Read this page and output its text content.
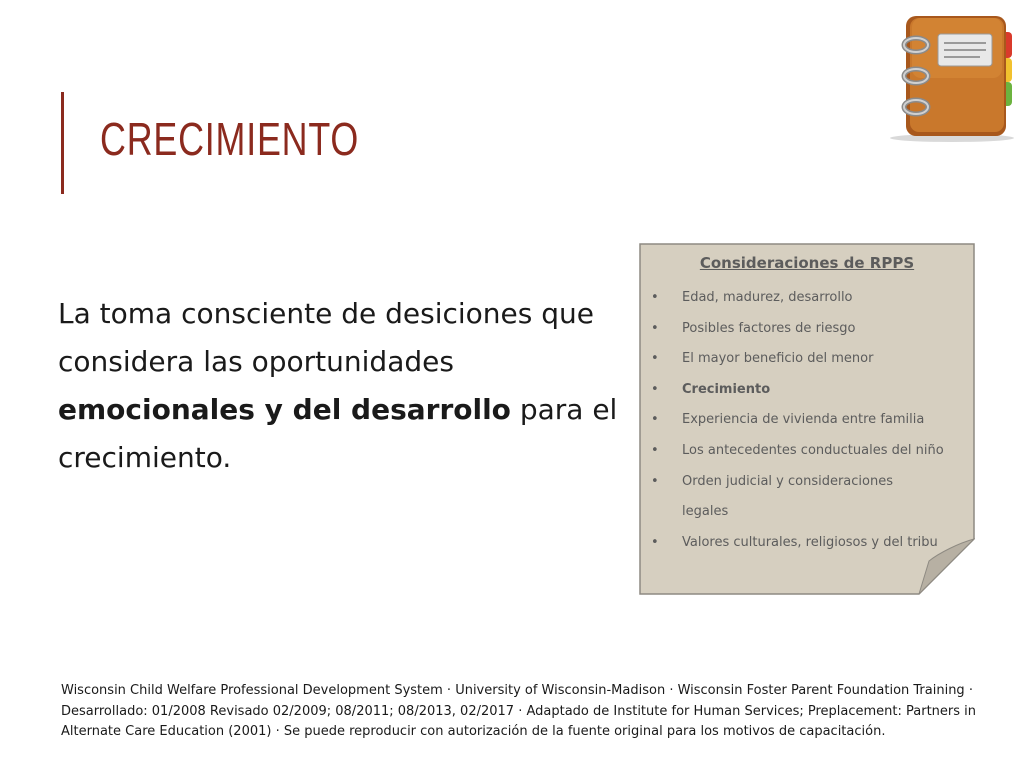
CRECIMIENTO
La toma consciente de desiciones que considera las oportunidades emocionales y del desarrollo para el crecimiento.
Consideraciones de RPPS
• Edad, madurez, desarrollo
• Posibles factores de riesgo
• El mayor beneficio del menor
• Crecimiento
• Experiencia de vivienda entre familia
• Los antecedentes conductuales del niño
• Orden judicial y consideraciones legales
• Valores culturales, religiosos y del tribu
Wisconsin Child Welfare Professional Development System · University of Wisconsin-Madison · Wisconsin Foster Parent Foundation Training · Desarrollado: 01/2008 Revisado 02/2009; 08/2011; 08/2013, 02/2017 · Adaptado de Institute for Human Services; Preplacement: Partners in Alternate Care Education (2001) · Se puede reproducir con autorización de la fuente original para los motivos de capacitación.
